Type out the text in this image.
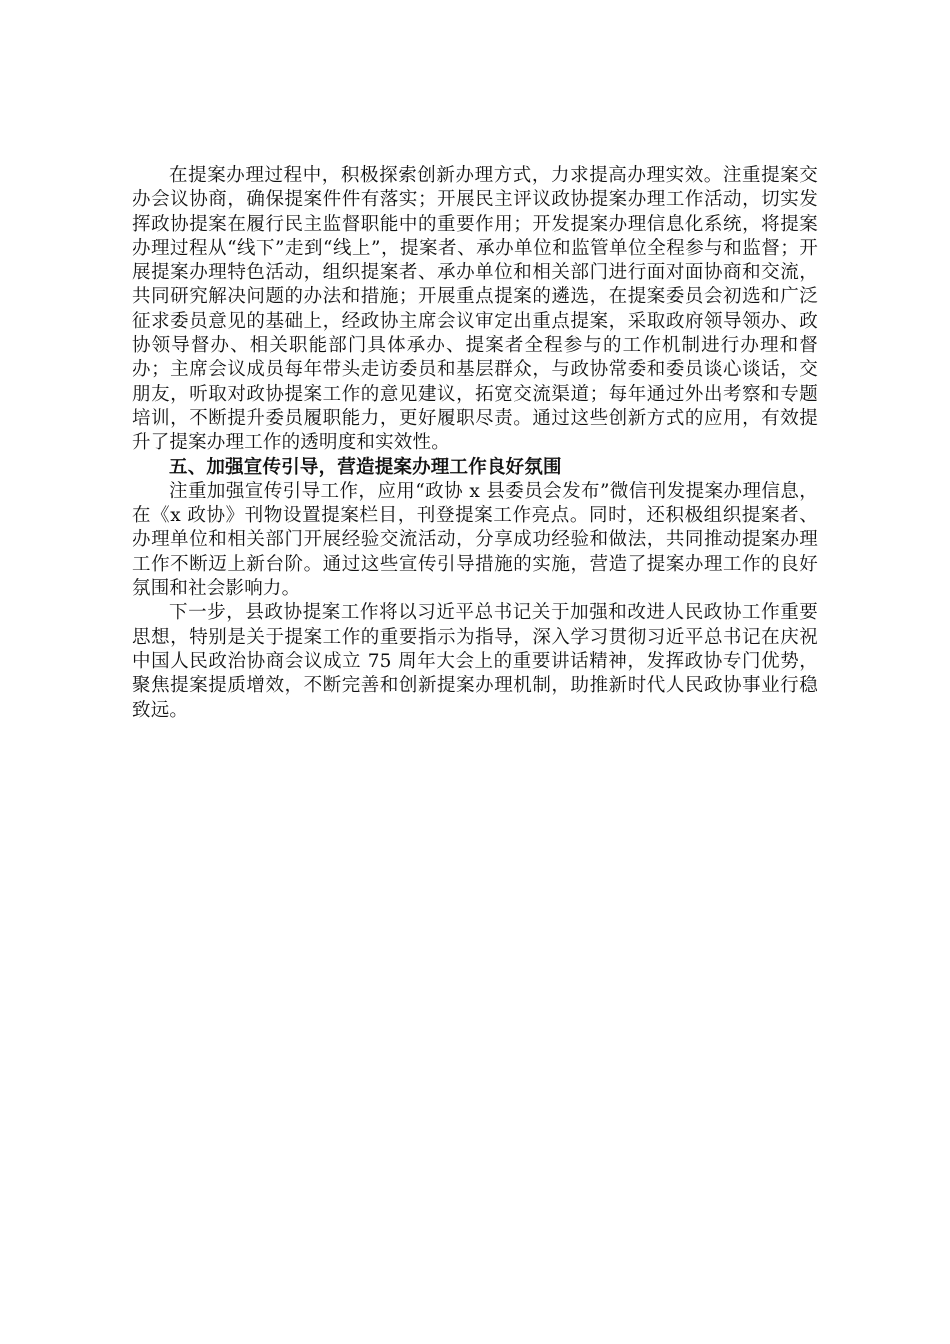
在提案办理过程中，积极探索创新办理方式，力求提高办理实效。注重提案交办会议协商，确保提案件件有落实；开展民主评议政协提案办理工作活动，切实发挥政协提案在履行民主监督职能中的重要作用；开发提案办理信息化系统，将提案办理过程从“线下”走到“线上”，提案者、承办单位和监管单位全程参与和监督；开展提案办理特色活动，组织提案者、承办单位和相关部门进行面对面协商和交流，共同研究解决问题的办法和措施；开展重点提案的遴选，在提案委员会初选和广泛征求委员意见的基础上，经政协主席会议审定出重点提案，采取政府领导领办、政协领导督办、相关职能部门具体承办、提案者全程参与的工作机制进行办理和督办；主席会议成员每年带头走访委员和基层群众，与政协常委和委员谈心谈话，交朋友，听取对政协提案工作的意见建议，拓宽交流渠道；每年通过外出考察和专题培训，不断提升委员履职能力，更好履职尽责。通过这些创新方式的应用，有效提升了提案办理工作的透明度和实效性。

五、加强宣传引导，营造提案办理工作良好氛围

注重加强宣传引导工作，应用“政协 x 县委员会发布”微信刊发提案办理信息，在《x 政协》刊物设置提案栏目，刊登提案工作亮点。同时，还积极组织提案者、办理单位和相关部门开展经验交流活动，分享成功经验和做法，共同推动提案办理工作不断迈上新台阶。通过这些宣传引导措施的实施，营造了提案办理工作的良好氛围和社会影响力。

下一步，县政协提案工作将以习近平总书记关于加强和改进人民政协工作重要思想，特别是关于提案工作的重要指示为指导，深入学习贯彻习近平总书记在庆祝中国人民政治协商会议成立 75 周年大会上的重要讲话精神，发挥政协专门优势，聚焦提案提质增效，不断完善和创新提案办理机制，助推新时代人民政协事业行稳致远。
